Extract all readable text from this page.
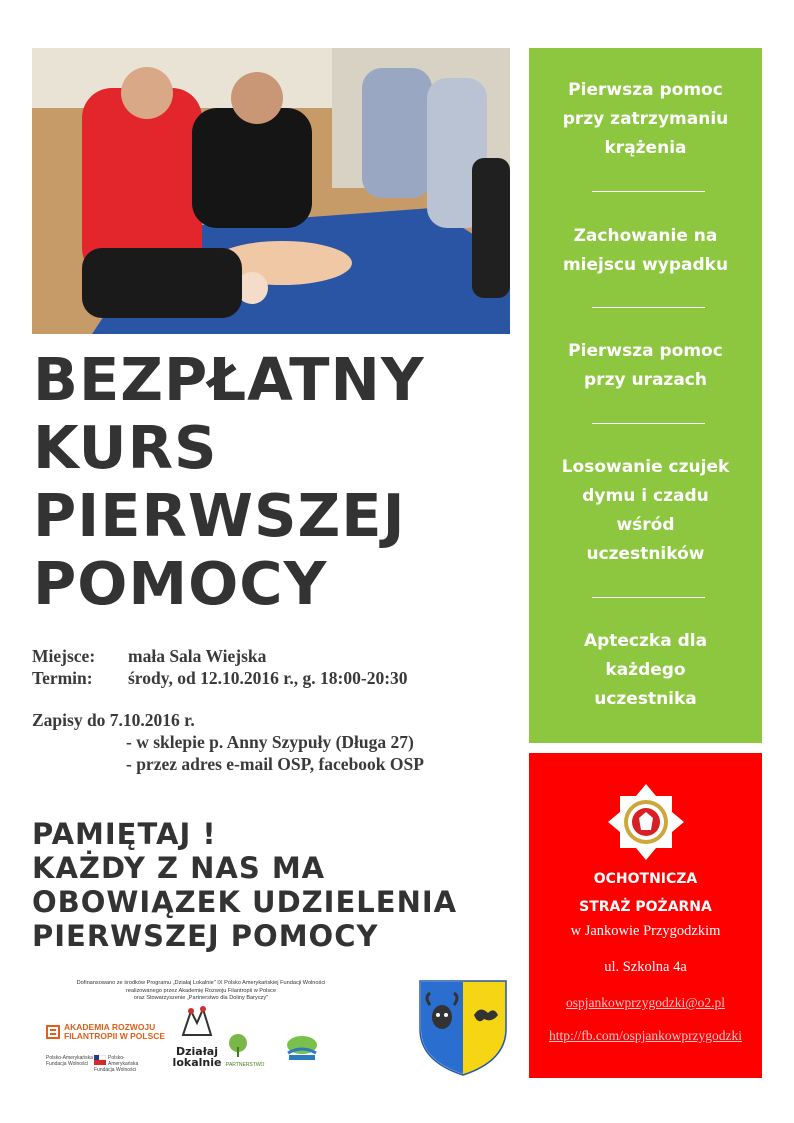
BEZPŁATNY
KURS
PIERWSZEJ
POMOCY
Miejsce: mała Sala Wiejska
Termin: środy, od 12.10.2016 r., g. 18:00-20:30
Zapisy do 7.10.2016 r.
- w sklepie p. Anny Szypuły (Długa 27)
- przez adres e-mail OSP, facebook OSP
PAMIĘTAJ !
KAŻDY Z NAS MA
OBOWIĄZEK UDZIELENIA
PIERWSZEJ POMOCY
Dofinansowano ze środków Programu „Działaj Lokalnie" IX Polsko Amerykańskiej Fundacji Wolności
realizowanego przez Akademię Rozwoju Filantropii w Polsce
oraz Stowarzyszenie „Partnerstwo dla Doliny Baryczy"
AKADEMIA ROZWOJU
FILANTROPII W POLSCE
Polsko-Amerykańska
Fundacja Wolności
Polsko-Amerykańska
Fundacja Wolności
Działaj
lokalnie PARTNERSTWO
Pierwsza pomoc
przy zatrzymaniu
krążenia
Zachowanie na
miejscu wypadku
Pierwsza pomoc
przy urazach
Losowanie czujek
dymu i czadu
wśród
uczestników
Apteczka dla
każdego
uczestnika
OCHOTNICZA
STRAŻ POŻARNA
w Jankowie Przygodzkim
ul. Szkolna 4a
ospjankowprzygodzki@o2.pl
http://fb.com/ospjankowprzygodzki
